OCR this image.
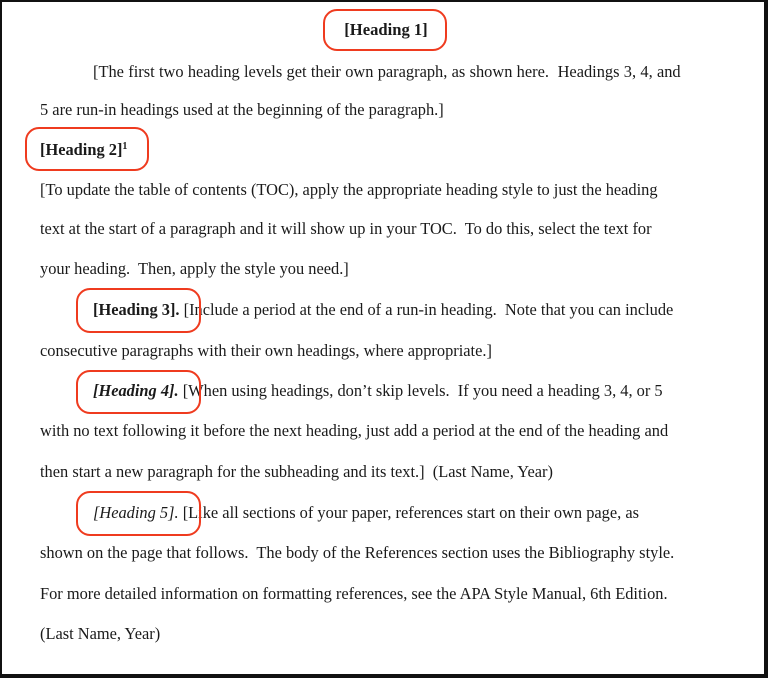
[Heading 1]
[The first two heading levels get their own paragraph, as shown here.  Headings 3, 4, and
5 are run-in headings used at the beginning of the paragraph.]
[Heading 2]$^1$
[To update the table of contents (TOC), apply the appropriate heading style to just the heading
text at the start of a paragraph and it will show up in your TOC.  To do this, select the text for
your heading.  Then, apply the style you need.]
[Heading 3]. [Include a period at the end of a run-in heading.  Note that you can include
consecutive paragraphs with their own headings, where appropriate.]
[Heading 4]. [When using headings, don’t skip levels.  If you need a heading 3, 4, or 5
with no text following it before the next heading, just add a period at the end of the heading and
then start a new paragraph for the subheading and its text.]  (Last Name, Year)
[Heading 5]. [Like all sections of your paper, references start on their own page, as
shown on the page that follows.  The body of the References section uses the Bibliography style.
For more detailed information on formatting references, see the APA Style Manual, 6th Edition.
(Last Name, Year)
